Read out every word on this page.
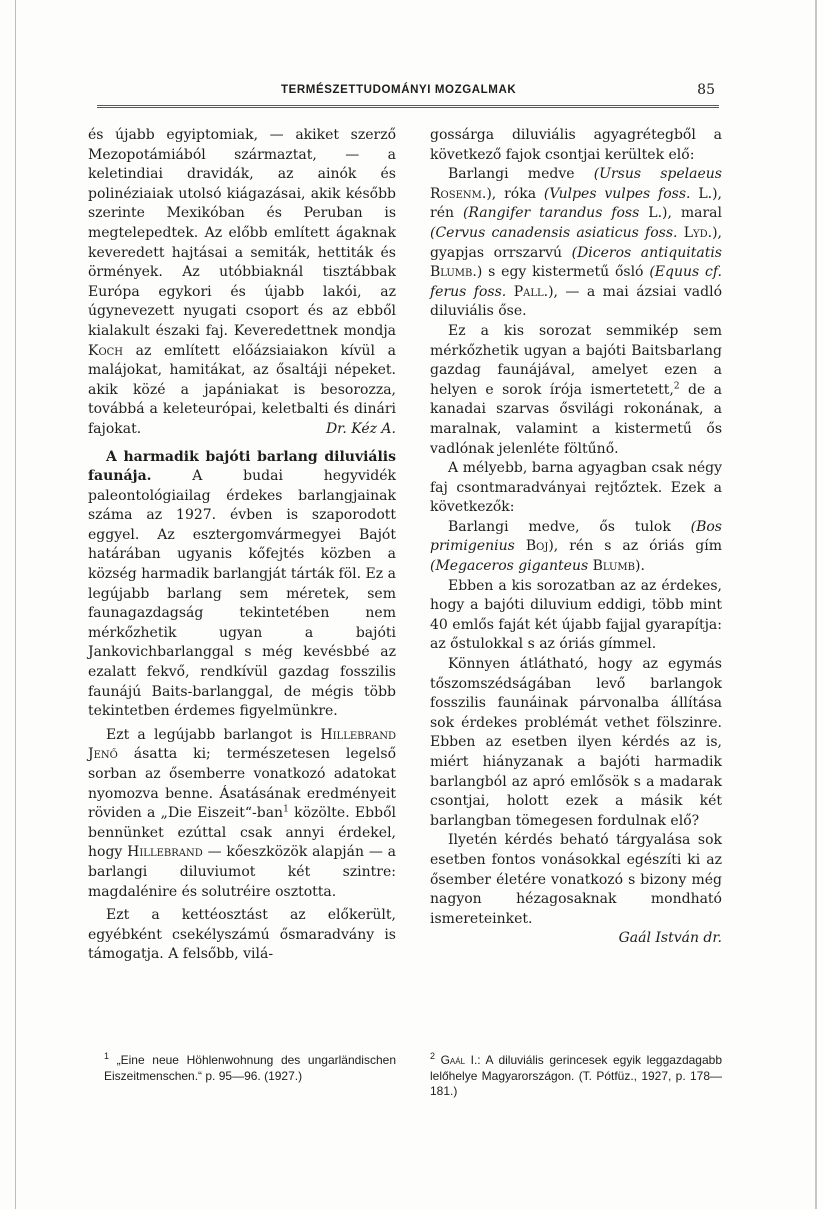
TERMÉSZETTUDOMÁNYI MOZGALMAK	85

és újabb egyiptomiak, — akiket szerző Mezopotámiából származtat, — a keletindiai dravidák, az ainók és polinéziaiak utolsó kiágazásai, akik később szerinte Mexikóban és Peruban is megtelepedtek. Az előbb említett ágaknak keveredett hajtásai a semiták, hettiták és örmények. Az utóbbiaknál tisztábbak Európa egykori és újabb lakói, az úgynevezett nyugati csoport és az ebből kialakult északi faj. Keveredettnek mondja Koch az említett előázsiaiakon kívül a malájokat, hamitákat, az ősaltáji népeket. akik közé a japániakat is besorozza, továbbá a keleteurópai, keletbalti és dinári fajokat.	Dr. Kéz A.

A harmadik bajóti barlang diluviális faunája. A budai hegyvidék paleontológiailag érdekes barlangjainak száma az 1927. évben is szaporodott eggyel. Az esztergomvármegyei Bajót határában ugyanis kőfejtés közben a község harmadik barlangját tárták föl. Ez a legújabb barlang sem méretek, sem faunagazdagság tekintetében nem mérkőzhetik ugyan a bajóti Jankovichbarlanggal s még kevésbbé az ezalatt fekvő, rendkívül gazdag fosszilis faunájú Baits-barlanggal, de mégis több tekintetben érdemes figyelmünkre.

Ezt a legújabb barlangot is Hillebrand Jenő ásatta ki; természetesen legelső sorban az ősemberre vonatkozó adatokat nyomozva benne. Ásatásának eredményeit röviden a „Die Eiszeit“-ban$^1$ közölte. Ebből bennünket ezúttal csak annyi érdekel, hogy Hillebrand — kőeszközök alapján — a barlangi diluviumot két szintre: magdalénire és solutréire osztotta.

Ezt a kettéosztást az előkerült, egyébként csekélyszámú ősmaradvány is támogatja. A felsőbb, vilá-

gossárga diluviális agyagrétegből a következő fajok csontjai kerültek elő:

Barlangi medve (Ursus spelaeus Rosenm.), róka (Vulpes vulpes foss. L.), rén (Rangifer tarandus foss L.), maral (Cervus canadensis asiaticus foss. Lyd.), gyapjas orrszarvú (Diceros antiquitatis Blumb.) s egy kistermetű ősló (Equus cf. ferus foss. Pall.), — a mai ázsiai vadló diluviális őse.

Ez a kis sorozat semmikép sem mérkőzhetik ugyan a bajóti Baitsbarlang gazdag faunájával, amelyet ezen a helyen e sorok írója ismertetett,$^2$ de a kanadai szarvas ősvilági rokonának, a maralnak, valamint a kistermetű ős vadlónak jelenléte föltűnő.

A mélyebb, barna agyagban csak négy faj csontmaradványai rejtőztek. Ezek a következők:

Barlangi medve, ős tulok (Bos primigenius Boj), rén s az óriás gím (Megaceros giganteus Blumb).

Ebben a kis sorozatban az az érdekes, hogy a bajóti diluvium eddigi, több mint 40 emlős faját két újabb fajjal gyarapítja: az őstulokkal s az óriás gímmel.

Könnyen átlátható, hogy az egymás tőszomszédságában levő barlangok fosszilis faunáinak párvonalba állítása sok érdekes problémát vethet fölszinre. Ebben az esetben ilyen kérdés az is, miért hiányzanak a bajóti harmadik barlangból az apró emlősök s a madarak csontjai, holott ezek a másik két barlangban tömegesen fordulnak elő?

Ilyetén kérdés beható tárgyalása sok esetben fontos vonásokkal egészíti ki az ősember életére vonatkozó s bizony még nagyon hézagosaknak mondható ismereteinket.

Gaál István dr.
$^1$ „Eine neue Höhlenwohnung des ungarländischen Eiszeitmenschen.“ p. 95—96. (1927.)
$^2$ Gaál I.: A diluviális gerincesek egyik leggazdagabb lelőhelye Magyarországon. (T. Pótfüz., 1927, p. 178—181.)
